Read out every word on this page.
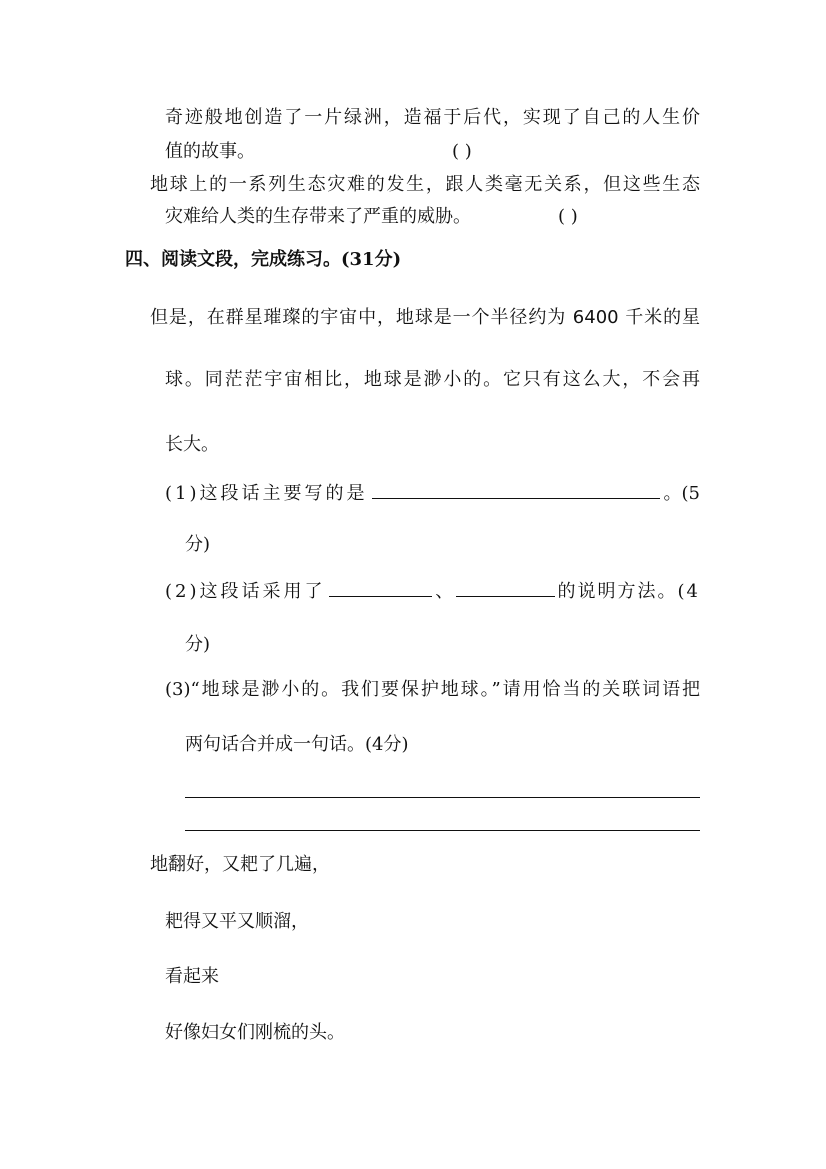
奇迹般地创造了一片绿洲，造福于后代，实现了自己的人生价
值的故事。	( )
地球上的一系列生态灾难的发生，跟人类毫无关系，但这些生态
灾难给人类的生存带来了严重的威胁。	( )
四、阅读文段，完成练习。(31分)
但是，在群星璀璨的宇宙中，地球是一个半径约为 6400 千米的星
球。同茫茫宇宙相比，地球是渺小的。它只有这么大，不会再
长大。
(1)这段话主要写的是	。(5
分)
(2)这段话采用了	、	的说明方法。(4
分)
(3)“地球是渺小的。我们要保护地球。”请用恰当的关联词语把
两句话合并成一句话。(4分)
地翻好，又耙了几遍，
耙得又平又顺溜，
看起来
好像妇女们刚梳的头。
